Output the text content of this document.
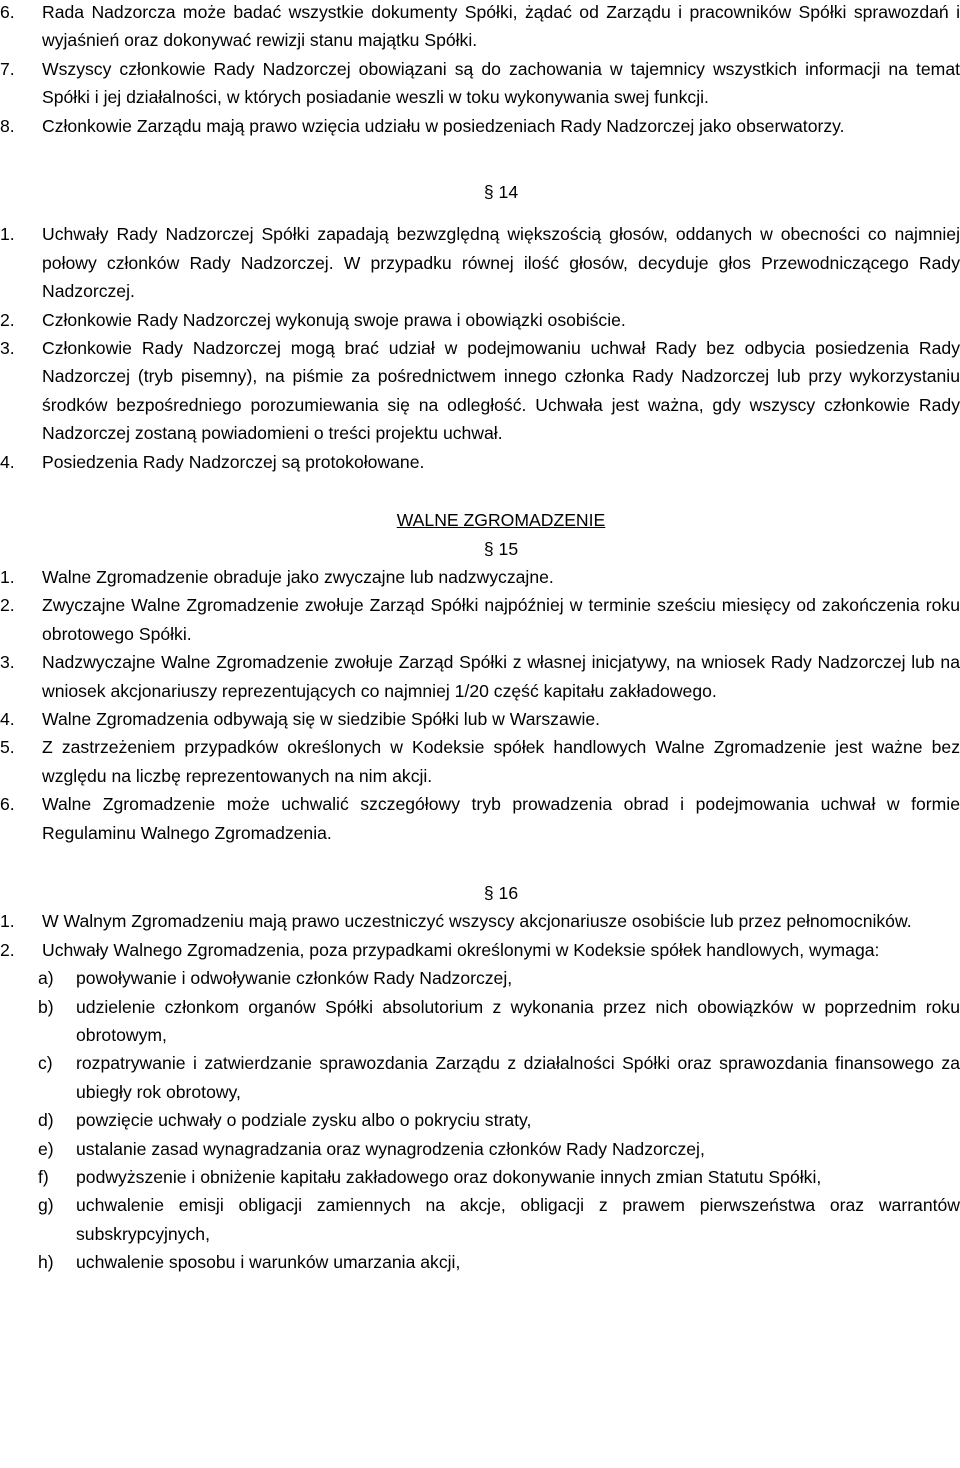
6. Rada Nadzorcza może badać wszystkie dokumenty Spółki, żądać od Zarządu i pracowników Spółki sprawozdań i wyjaśnień oraz dokonywać rewizji stanu majątku Spółki.
7. Wszyscy członkowie Rady Nadzorczej obowiązani są do zachowania w tajemnicy wszystkich informacji na temat Spółki i jej działalności, w których posiadanie weszli w toku wykonywania swej funkcji.
8. Członkowie Zarządu mają prawo wzięcia udziału w posiedzeniach Rady Nadzorczej jako obserwatorzy.

§ 14

1. Uchwały Rady Nadzorczej Spółki zapadają bezwzględną większością głosów, oddanych w obecności co najmniej połowy członków Rady Nadzorczej. W przypadku równej ilość głosów, decyduje głos Przewodniczącego Rady Nadzorczej.
2. Członkowie Rady Nadzorczej wykonują swoje prawa i obowiązki osobiście.
3. Członkowie Rady Nadzorczej mogą brać udział w podejmowaniu uchwał Rady bez odbycia posiedzenia Rady Nadzorczej (tryb pisemny), na piśmie za pośrednictwem innego członka Rady Nadzorczej lub przy wykorzystaniu środków bezpośredniego porozumiewania się na odległość. Uchwała jest ważna, gdy wszyscy członkowie Rady Nadzorczej zostaną powiadomieni o treści projektu uchwał.
4. Posiedzenia Rady Nadzorczej są protokołowane.

WALNE ZGROMADZENIE

§ 15

1. Walne Zgromadzenie obraduje jako zwyczajne lub nadzwyczajne.
2. Zwyczajne Walne Zgromadzenie zwołuje Zarząd Spółki najpóźniej w terminie sześciu miesięcy od zakończenia roku obrotowego Spółki.
3. Nadzwyczajne Walne Zgromadzenie zwołuje Zarząd Spółki z własnej inicjatywy, na wniosek Rady Nadzorczej lub na wniosek akcjonariuszy reprezentujących co najmniej 1/20 część kapitału zakładowego.
4. Walne Zgromadzenia odbywają się w siedzibie Spółki lub w Warszawie.
5. Z zastrzeżeniem przypadków określonych w Kodeksie spółek handlowych Walne Zgromadzenie jest ważne bez względu na liczbę reprezentowanych na nim akcji.
6. Walne Zgromadzenie może uchwalić szczegółowy tryb prowadzenia obrad i podejmowania uchwał w formie Regulaminu Walnego Zgromadzenia.

§ 16

1. W Walnym Zgromadzeniu mają prawo uczestniczyć wszyscy akcjonariusze osobiście lub przez pełnomocników.
2. Uchwały Walnego Zgromadzenia, poza przypadkami określonymi w Kodeksie spółek handlowych, wymaga:
a) powoływanie i odwoływanie członków Rady Nadzorczej,
b) udzielenie członkom organów Spółki absolutorium z wykonania przez nich obowiązków w poprzednim roku obrotowym,
c) rozpatrywanie i zatwierdzanie sprawozdania Zarządu z działalności Spółki oraz sprawozdania finansowego za ubiegły rok obrotowy,
d) powzięcie uchwały o podziale zysku albo o pokryciu straty,
e) ustalanie zasad wynagradzania oraz wynagrodzenia członków Rady Nadzorczej,
f) podwyższenie i obniżenie kapitału zakładowego oraz dokonywanie innych zmian Statutu Spółki,
g) uchwalenie emisji obligacji zamiennych na akcje, obligacji z prawem pierwszeństwa oraz warrantów subskrypcyjnych,
h) uchwalenie sposobu i warunków umarzania akcji,
